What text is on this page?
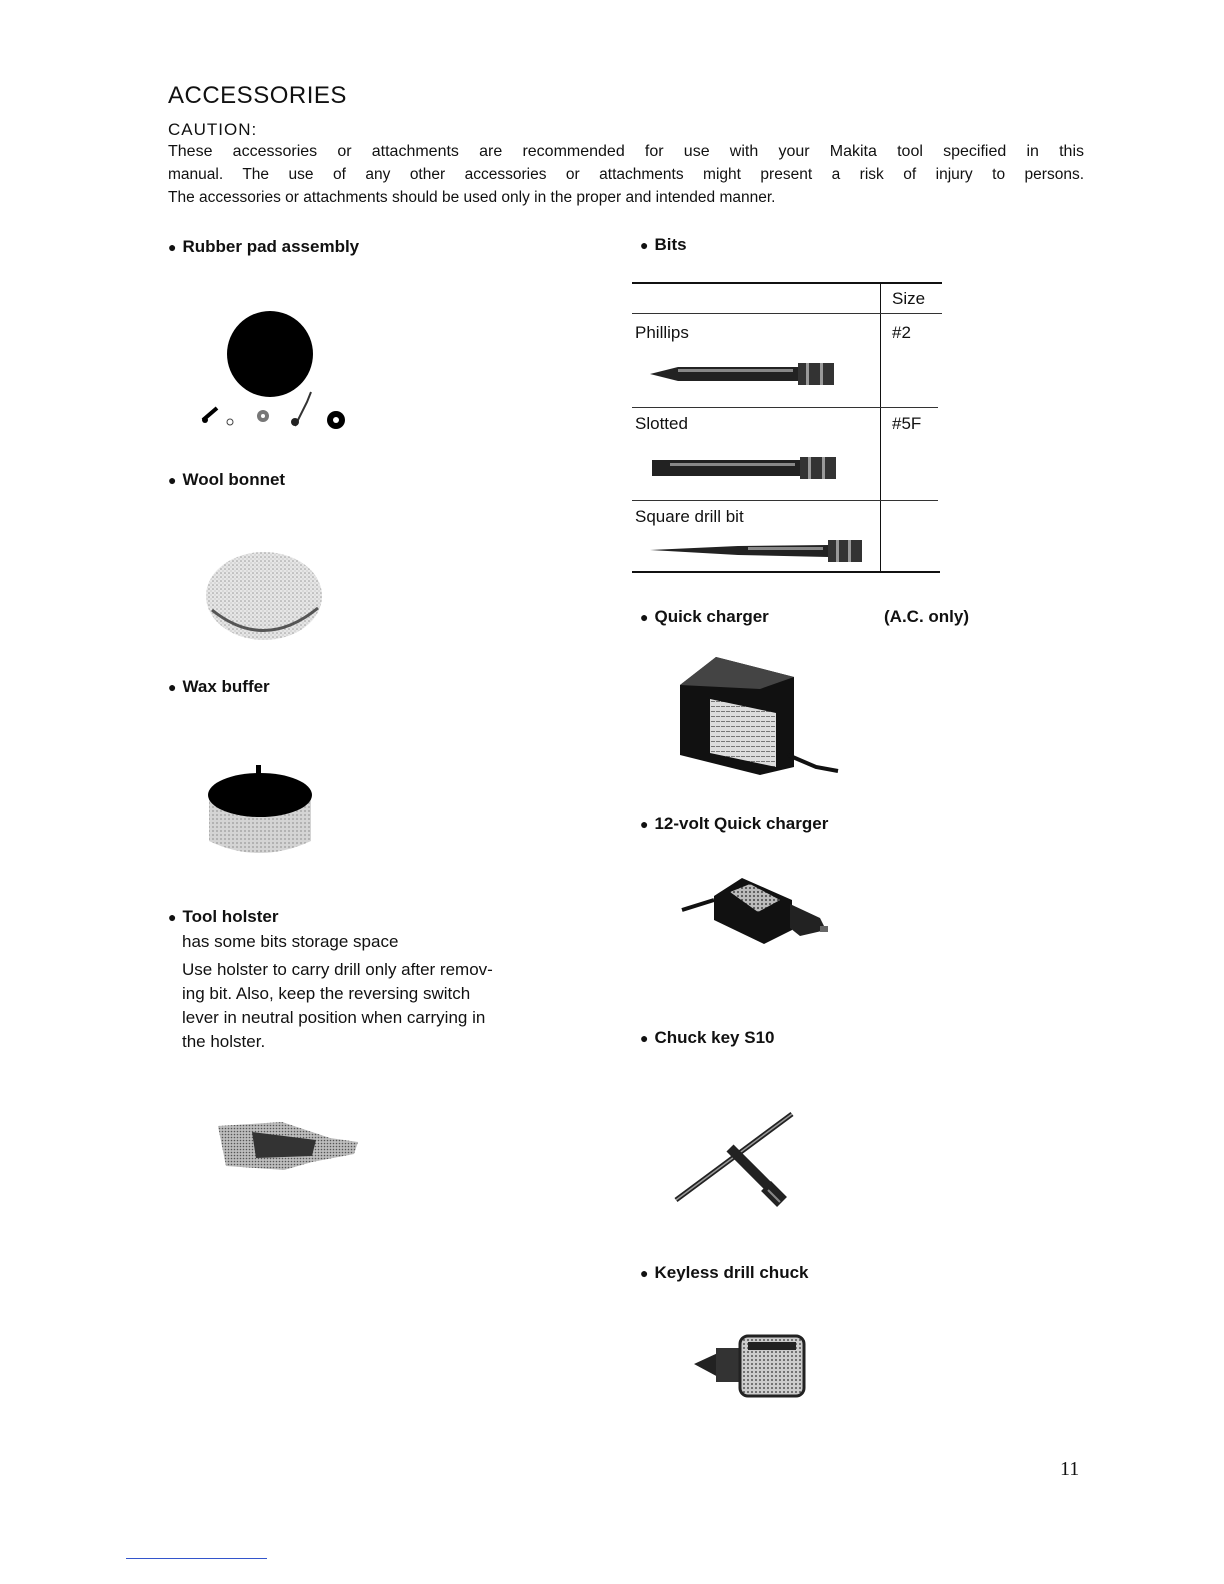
ACCESSORIES
CAUTION:

These accessories or attachments are recommended for use with your Makita tool specified in this

manual. The use of any other accessories or attachments might present a risk of injury to persons.

The accessories or attachments should be used only in the proper and intended manner.

● Rubber pad assembly
● Wool bonnet
● Wax buffer
● Tool holster
has some bits storage space
Use holster to carry drill only after remov-
ing bit. Also, keep the reversing switch
lever in neutral position when carrying in
the holster.
● Bits
Size
Phillips	#2
Slotted	#5F
Square drill bit
● Quick charger	(A.C. only)
● 12-volt Quick charger
● Chuck key S10
● Keyless drill chuck
11
